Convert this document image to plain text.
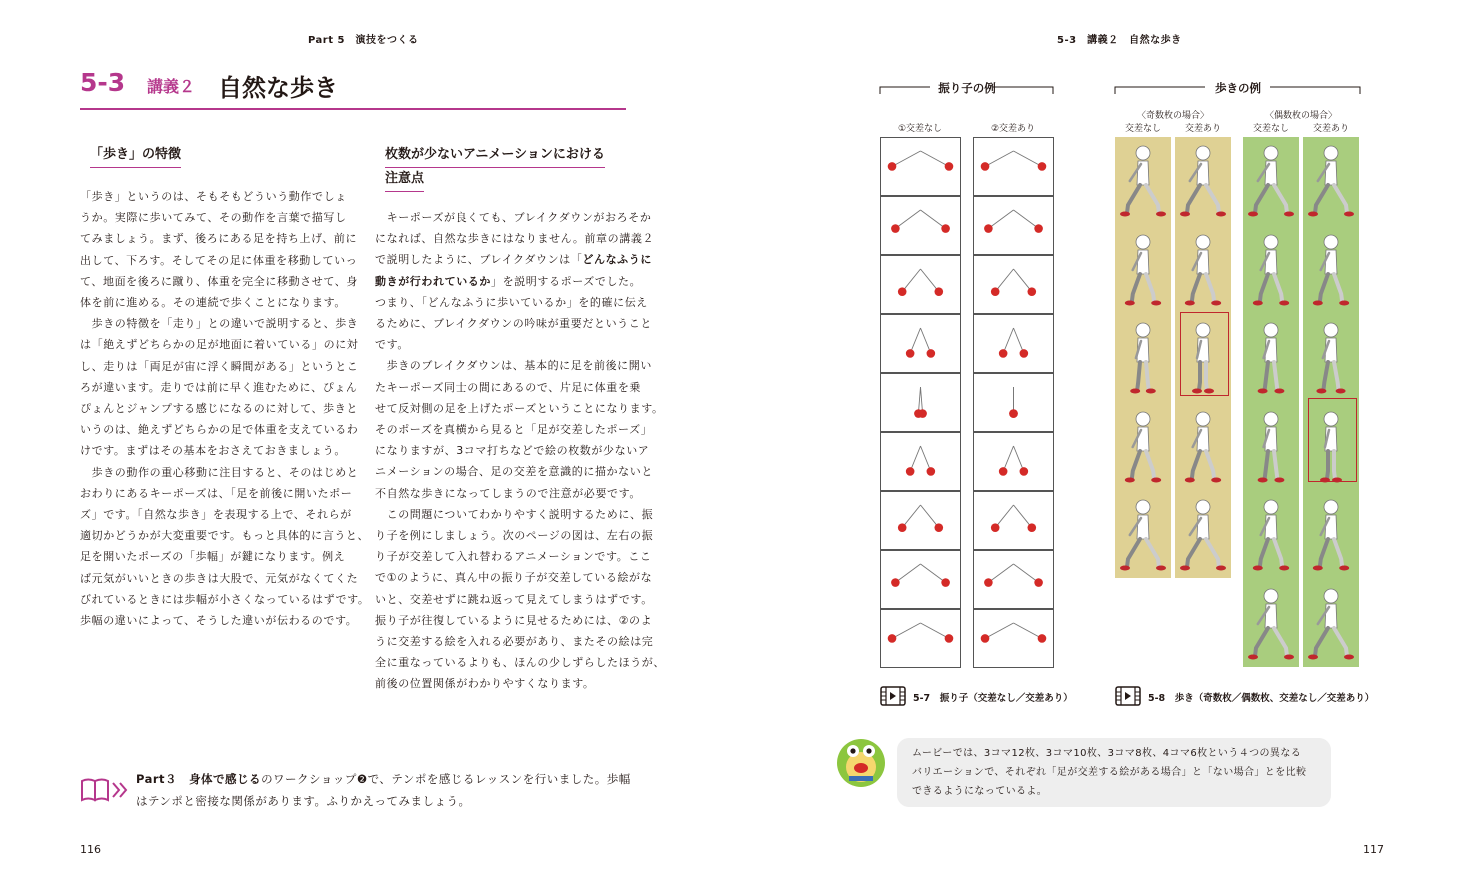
Part 5　演技をつくる
5-3 講義２ 自然な歩き
「歩き」の特徴

「歩き」というのは、そもそもどういう動作でしょ

うか。実際に歩いてみて、その動作を言葉で描写し

てみましょう。まず、後ろにある足を持ち上げ、前に

出して、下ろす。そしてその足に体重を移動していっ

て、地面を後ろに蹴り、体重を完全に移動させて、身

体を前に進める。その連続で歩くことになります。

　歩きの特徴を「走り」との違いで説明すると、歩き

は「絶えずどちらかの足が地面に着いている」のに対

し、走りは「両足が宙に浮く瞬間がある」というとこ

ろが違います。走りでは前に早く進むために、ぴょん

ぴょんとジャンプする感じになるのに対して、歩きと

いうのは、絶えずどちらかの足で体重を支えているわ

けです。まずはその基本をおさえておきましょう。

　歩きの動作の重心移動に注目すると、そのはじめと

おわりにあるキーポーズは、「足を前後に開いたポー

ズ」です。「自然な歩き」を表現する上で、それらが

適切かどうかが大変重要です。もっと具体的に言うと、

足を開いたポーズの「歩幅」が鍵になります。例え

ば元気がいいときの歩きは大股で、元気がなくてくた

びれているときには歩幅が小さくなっているはずです。

歩幅の違いによって、そうした違いが伝わるのです。

枚数が少ないアニメーションにおける
注意点

　キーポーズが良くても、ブレイクダウンがおろそか

になれば、自然な歩きにはなりません。前章の講義２

で説明したように、ブレイクダウンは「どんなふうに

動きが行われているか」を説明するポーズでした。

つまり、「どんなふうに歩いているか」を的確に伝え

るために、ブレイクダウンの吟味が重要だということ

です。

　歩きのブレイクダウンは、基本的に足を前後に開い

たキーポーズ同士の間にあるので、片足に体重を乗

せて反対側の足を上げたポーズということになります。

そのポーズを真横から見ると「足が交差したポーズ」

になりますが、3コマ打ちなどで絵の枚数が少ないア

ニメーションの場合、足の交差を意識的に描かないと

不自然な歩きになってしまうので注意が必要です。

　この問題についてわかりやすく説明するために、振

り子を例にしましょう。次のページの図は、左右の振

り子が交差して入れ替わるアニメーションです。ここ

で①のように、真ん中の振り子が交差している絵がな

いと、交差せずに跳ね返って見えてしまうはずです。

振り子が往復しているように見せるためには、②のよ

うに交差する絵を入れる必要があり、またその絵は完

全に重なっているよりも、ほんの少しずらしたほうが、

前後の位置関係がわかりやすくなります。

Part３　 身体で感じるのワークショップ❷で、テンポを感じるレッスンを行いました。歩幅

はテンポと密接な関係があります。ふりかえってみましょう。

116
5-3　講義２　自然な歩き
振り子の例	歩きの例
①交差なし	②交差あり
〈奇数枚の場合〉	〈偶数枚の場合〉
交差なし	交差あり	交差なし	交差あり
5-7　 振り子（交差なし／交差あり）	5-8　 歩き（奇数枚／偶数枚、交差なし／交差あり）
ムービーでは、3コマ12枚、3コマ10枚、3コマ8枚、4コマ6枚という４つの異なる
バリエーションで、それぞれ「足が交差する絵がある場合」と「ない場合」とを比較
できるようになっているよ。
117
